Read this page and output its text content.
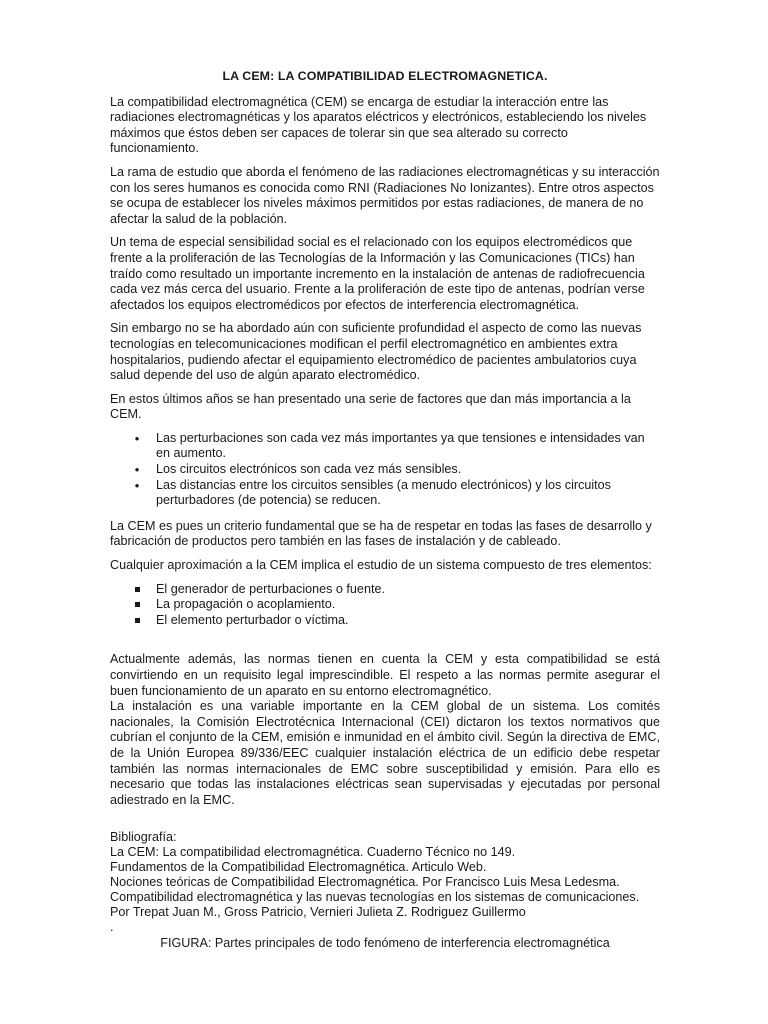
LA CEM: LA COMPATIBILIDAD ELECTROMAGNETICA.

La compatibilidad electromagnética (CEM) se encarga de estudiar la interacción entre las radiaciones electromagnéticas y los aparatos eléctricos y electrónicos, estableciendo los niveles máximos que éstos deben ser capaces de tolerar sin que sea alterado su correcto funcionamiento.

La rama de estudio que aborda el fenómeno de las radiaciones electromagnéticas y su interacción con los seres humanos es conocida como RNI (Radiaciones No Ionizantes). Entre otros aspectos se ocupa de establecer los niveles máximos permitidos por estas radiaciones, de manera de no afectar la salud de la población.

Un tema de especial sensibilidad social es el relacionado con los equipos electromédicos que frente a la proliferación de las Tecnologías de la Información y las Comunicaciones (TICs) han traído como resultado un importante incremento en la instalación de antenas de radiofrecuencia cada vez más cerca del usuario. Frente a la proliferación de este tipo de antenas, podrían verse afectados los equipos electromédicos por efectos de interferencia electromagnética.

Sin embargo no se ha abordado aún con suficiente profundidad el aspecto de como las nuevas tecnologías en telecomunicaciones modifican el perfil electromagnético en ambientes extra hospitalarios, pudiendo afectar el equipamiento electromédico de pacientes ambulatorios cuya salud depende del uso de algún aparato electromédico.

En estos últimos años se han presentado una serie de factores que dan más importancia a la CEM.

•	Las perturbaciones son cada vez más importantes ya que tensiones e intensidades van en aumento.
•	Los circuitos electrónicos son cada vez más sensibles.
•	Las distancias entre los circuitos sensibles (a menudo electrónicos) y los circuitos perturbadores (de potencia) se reducen.

La CEM es pues un criterio fundamental que se ha de respetar en todas las fases de desarrollo y fabricación de productos pero también en las fases de instalación y de cableado.

Cualquier aproximación a la CEM implica el estudio de un sistema compuesto de tres elementos:

El generador de perturbaciones o fuente.
La propagación o acoplamiento.
El elemento perturbador o víctima.

Actualmente además, las normas tienen en cuenta la CEM y esta compatibilidad se está convirtiendo en un requisito legal imprescindible. El respeto a las normas permite asegurar el buen funcionamiento de un aparato en su entorno electromagnético.

La instalación es una variable importante en la CEM global de un sistema. Los comités nacionales, la Comisión Electrotécnica Internacional (CEI) dictaron los textos normativos que cubrían el conjunto de la CEM, emisión e inmunidad en el ámbito civil. Según la directiva de EMC, de la Unión Europea 89/336/EEC cualquier instalación eléctrica de un edificio debe respetar también las normas internacionales de EMC sobre susceptibilidad y emisión. Para ello es necesario que todas las instalaciones eléctricas sean supervisadas y ejecutadas por personal adiestrado en la EMC.

Bibliografía:
La CEM: La compatibilidad electromagnética. Cuaderno Técnico no 149.
Fundamentos de la Compatibilidad Electromagnética. Articulo Web.
Nociones teóricas de Compatibilidad Electromagnética. Por Francisco Luis Mesa Ledesma.
Compatibilidad electromagnética y las nuevas tecnologías en los sistemas de comunicaciones.
Por Trepat Juan M., Gross Patricio, Vernieri Julieta Z. Rodriguez Guillermo
.
FIGURA: Partes principales de todo fenómeno de interferencia electromagnética
